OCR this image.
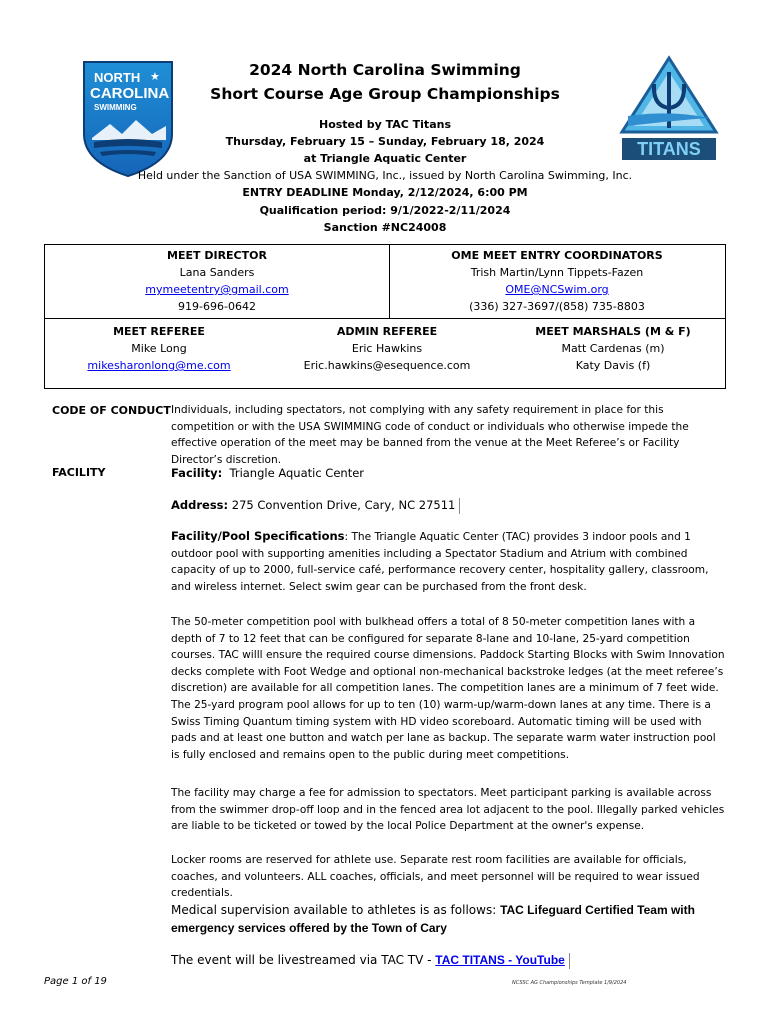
NORTH ★
CAROLINA
SWIMMING
TITANS
2024 North Carolina Swimming
Short Course Age Group Championships
Hosted by TAC Titans
Thursday, February 15 – Sunday, February 18, 2024
at Triangle Aquatic Center
Held under the Sanction of USA SWIMMING, Inc., issued by North Carolina Swimming, Inc.
ENTRY DEADLINE Monday, 2/12/2024, 6:00 PM
Qualification period: 9/1/2022-2/11/2024
Sanction #NC24008
MEET DIRECTOR
Lana Sanders
mymeetentry@gmail.com
919-696-0642
OME MEET ENTRY COORDINATORS
Trish Martin/Lynn Tippets-Fazen
OME@NCSwim.org
(336) 327-3697/(858) 735-8803
MEET REFEREE
Mike Long
mikesharonlong@me.com
ADMIN REFEREE
Eric Hawkins
Eric.hawkins@esequence.com
MEET MARSHALS (M & F)
Matt Cardenas (m)
Katy Davis (f)
CODE OF CONDUCT Individuals, including spectators, not complying with any safety requirement in place for this competition or with the USA SWIMMING code of conduct or individuals who otherwise impede the effective operation of the meet may be banned from the venue at the Meet Referee’s or Facility Director’s discretion.
FACILITY	Facility: Triangle Aquatic Center
Address: 275 Convention Drive, Cary, NC 27511
Facility/Pool Specifications: The Triangle Aquatic Center (TAC) provides 3 indoor pools and 1 outdoor pool with supporting amenities including a Spectator Stadium and Atrium with combined capacity of up to 2000, full-service café, performance recovery center, hospitality gallery, classroom, and wireless internet. Select swim gear can be purchased from the front desk.
The 50-meter competition pool with bulkhead offers a total of 8 50-meter competition lanes with a depth of 7 to 12 feet that can be configured for separate 8-lane and 10-lane, 25-yard competition courses. TAC willl ensure the required course dimensions. Paddock Starting Blocks with Swim Innovation decks complete with Foot Wedge and optional non-mechanical backstroke ledges (at the meet referee’s discretion) are available for all competition lanes. The competition lanes are a minimum of 7 feet wide. The 25-yard program pool allows for up to ten (10) warm-up/warm-down lanes at any time. There is a Swiss Timing Quantum timing system with HD video scoreboard. Automatic timing will be used with pads and at least one button and watch per lane as backup. The separate warm water instruction pool is fully enclosed and remains open to the public during meet competitions.
The facility may charge a fee for admission to spectators. Meet participant parking is available across from the swimmer drop-off loop and in the fenced area lot adjacent to the pool. Illegally parked vehicles are liable to be ticketed or towed by the local Police Department at the owner's expense.
Locker rooms are reserved for athlete use. Separate rest room facilities are available for officials, coaches, and volunteers. ALL coaches, officials, and meet personnel will be required to wear issued credentials.
Medical supervision available to athletes is as follows: TAC Lifeguard Certified Team with emergency services offered by the Town of Cary
The event will be livestreamed via TAC TV - TAC TITANS - YouTube
Page 1 of 19	NCSSC AG Championships Template 1/9/2024
